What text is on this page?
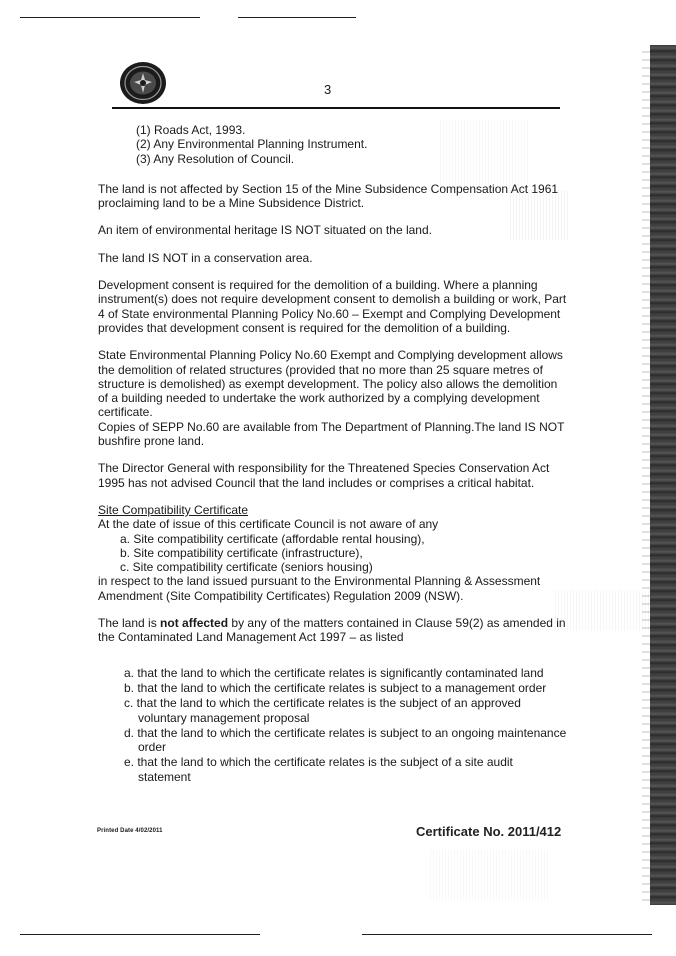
3
(1) Roads Act, 1993.
(2) Any Environmental Planning Instrument.
(3) Any Resolution of Council.

The land is not affected by Section 15 of the Mine Subsidence Compensation Act 1961 proclaiming land to be a Mine Subsidence District.

An item of environmental heritage IS NOT situated on the land.

The land IS NOT in a conservation area.

Development consent is required for the demolition of a building. Where a planning instrument(s) does not require development consent to demolish a building or work, Part 4 of State environmental Planning Policy No.60 – Exempt and Complying Development provides that development consent is required for the demolition of a building.

State Environmental Planning Policy No.60 Exempt and Complying development allows the demolition of related structures (provided that no more than 25 square metres of structure is demolished) as exempt development. The policy also allows the demolition of a building needed to undertake the work authorized by a complying development certificate.

Copies of SEPP No.60 are available from The Department of Planning.The land IS NOT bushfire prone land.

The Director General with responsibility for the Threatened Species Conservation Act 1995 has not advised Council that the land includes or comprises a critical habitat.

Site Compatibility Certificate
At the date of issue of this certificate Council is not aware of any
a. Site compatibility certificate (affordable rental housing),
b. Site compatibility certificate (infrastructure),
c. Site compatibility certificate (seniors housing)

in respect to the land issued pursuant to the Environmental Planning & Assessment Amendment (Site Compatibility Certificates) Regulation 2009 (NSW).

The land is not affected by any of the matters contained in Clause 59(2) as amended in the Contaminated Land Management Act 1997 – as listed

a. that the land to which the certificate relates is significantly contaminated land
b. that the land to which the certificate relates is subject to a management order
c. that the land to which the certificate relates is the subject of an approved voluntary management proposal
d. that the land to which the certificate relates is subject to an ongoing maintenance order
e. that the land to which the certificate relates is the subject of a site audit statement
Printed Date 4/02/2011	Certificate No. 2011/412
